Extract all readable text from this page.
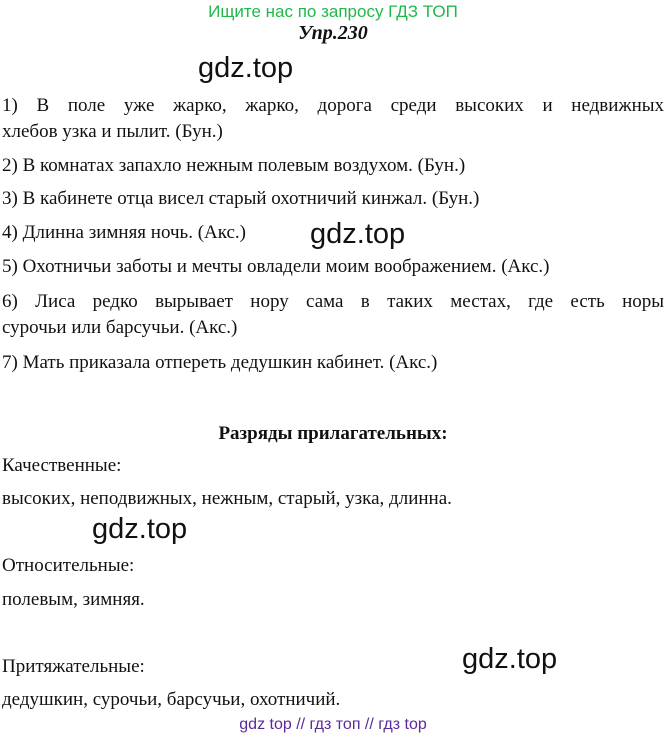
Ищите нас по запросу ГДЗ ТОП
Упр.230
gdz.top
1) В поле уже жарко, жарко, дорога среди высоких и недвижных
хлебов узка и пылит. (Бун.)
2) В комнатах запахло нежным полевым воздухом. (Бун.)
3) В кабинете отца висел старый охотничий кинжал. (Бун.)
4) Длинна зимняя ночь. (Акс.) gdz.top
5) Охотничьи заботы и мечты овладели моим воображением. (Акс.)
6) Лиса редко вырывает нору сама в таких местах, где есть норы
сурочьи или барсучьи. (Акс.)
7) Мать приказала отпереть дедушкин кабинет. (Акс.)
Разряды прилагательных:
Качественные:
высоких, неподвижных, нежным, старый, узка, длинна.
gdz.top
Относительные:
полевым, зимняя.
gdz.top
Притяжательные:
дедушкин, сурочьи, барсучьи, охотничий.
gdz top // гдз топ // гдз top
